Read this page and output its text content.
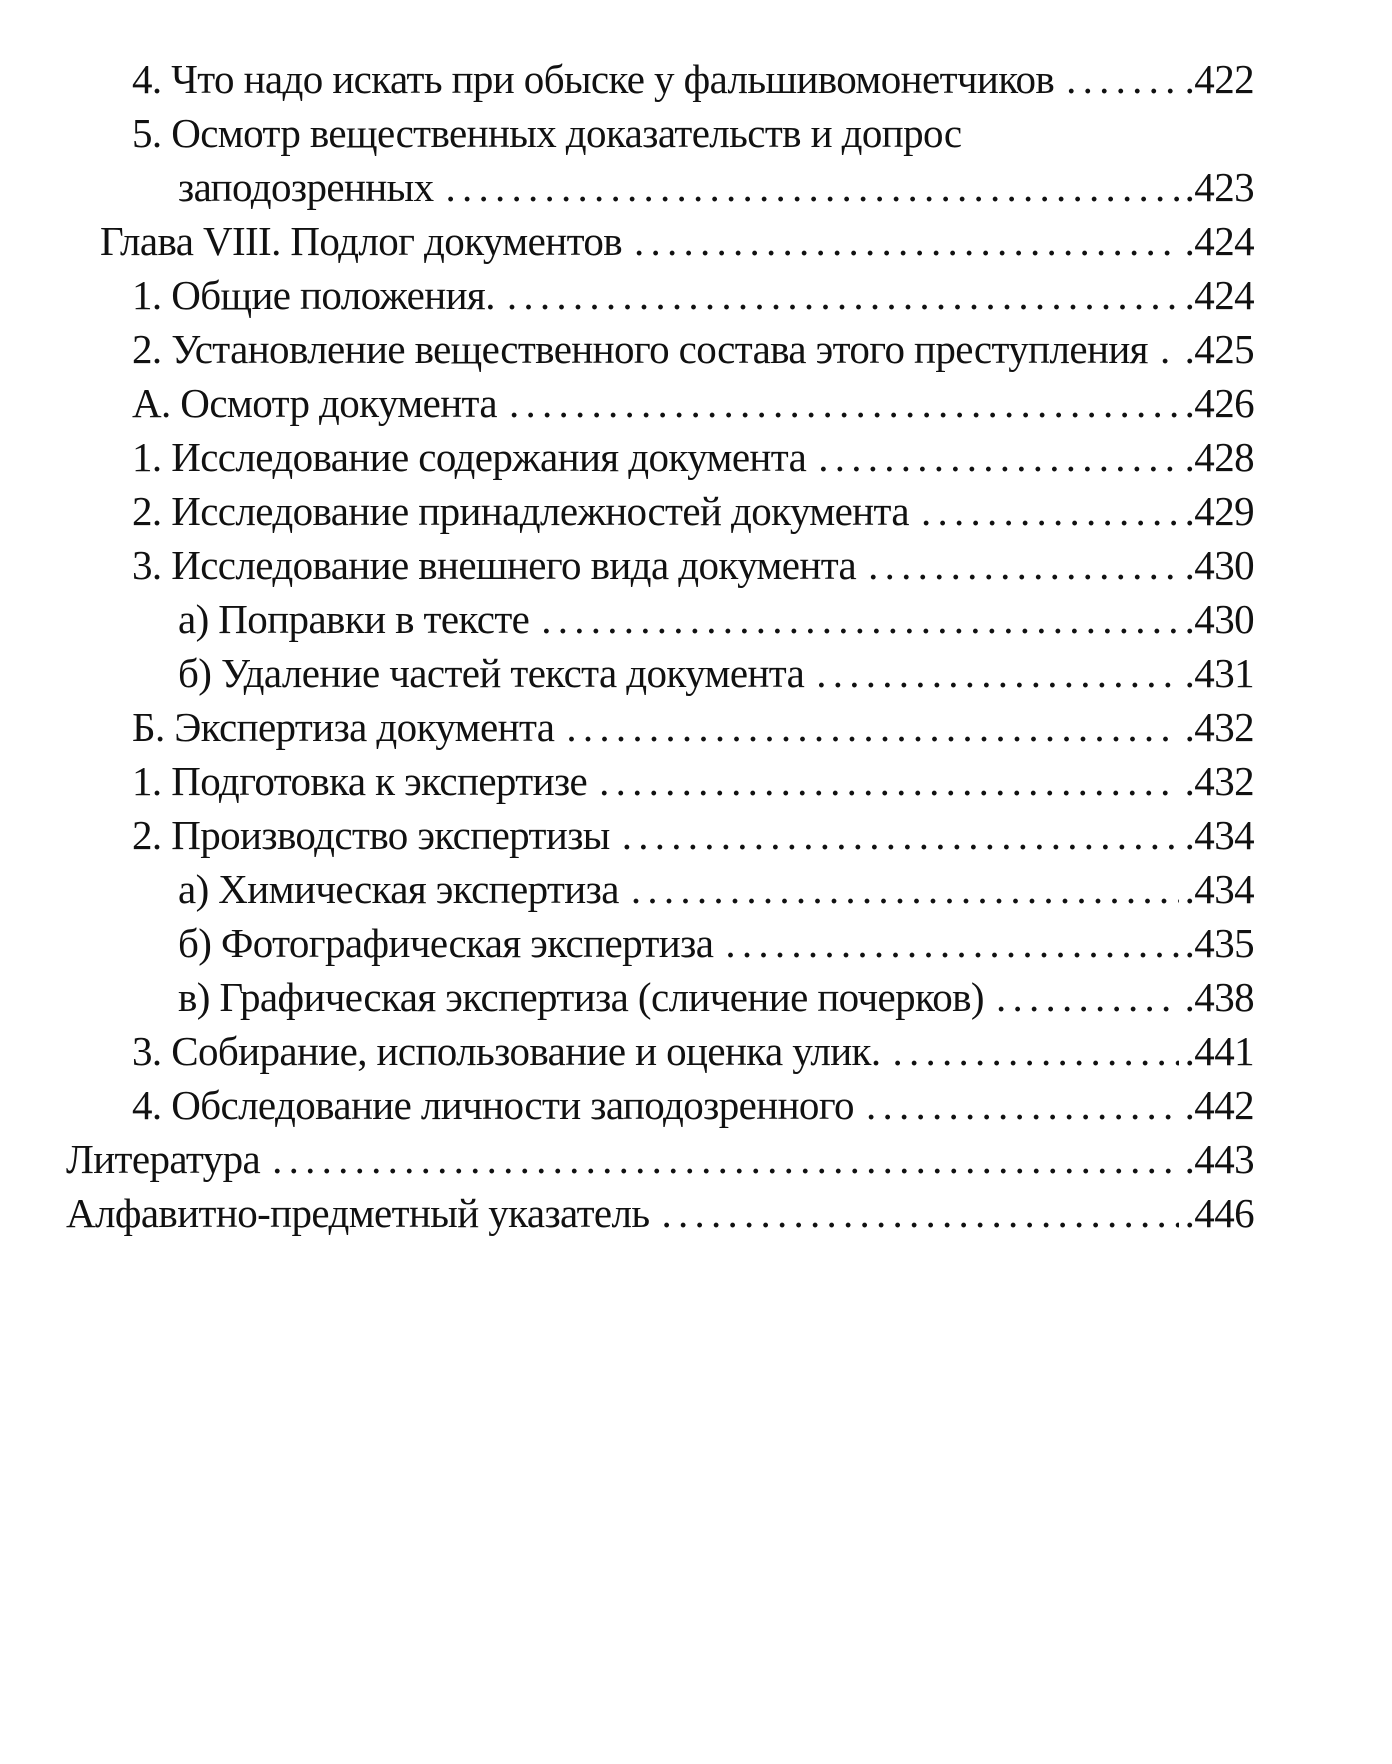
4. Что надо искать при обыске у фальшивомонетчиков . . .	.422
5. Осмотр вещественных доказательств и допрос
заподозренных . . .	.423
Глава VIII. Подлог документов . . .	.424
1. Общие положения. . . .	.424
2. Установление вещественного состава этого преступления . . . .425
А. Осмотр документа . . .	.426
1. Исследование содержания документа . . .	.428
2. Исследование принадлежностей документа . . .	.429
3. Исследование внешнего вида документа . . .	.430
а) Поправки в тексте . . .	.430
б) Удаление частей текста документа . . .	.431
Б. Экспертиза документа . . .	.432
1. Подготовка к экспертизе . . .	.432
2. Производство экспертизы . . .	.434
а) Химическая экспертиза . . .	.434
б) Фотографическая экспертиза . . .	.435
в) Графическая экспертиза (сличение почерков) . . .	.438
3. Собирание, использование и оценка улик. . . .	.441
4. Обследование личности заподозренного . . .	.442
Литература . . .	.443
Алфавитно-предметный указатель . . .	.446
